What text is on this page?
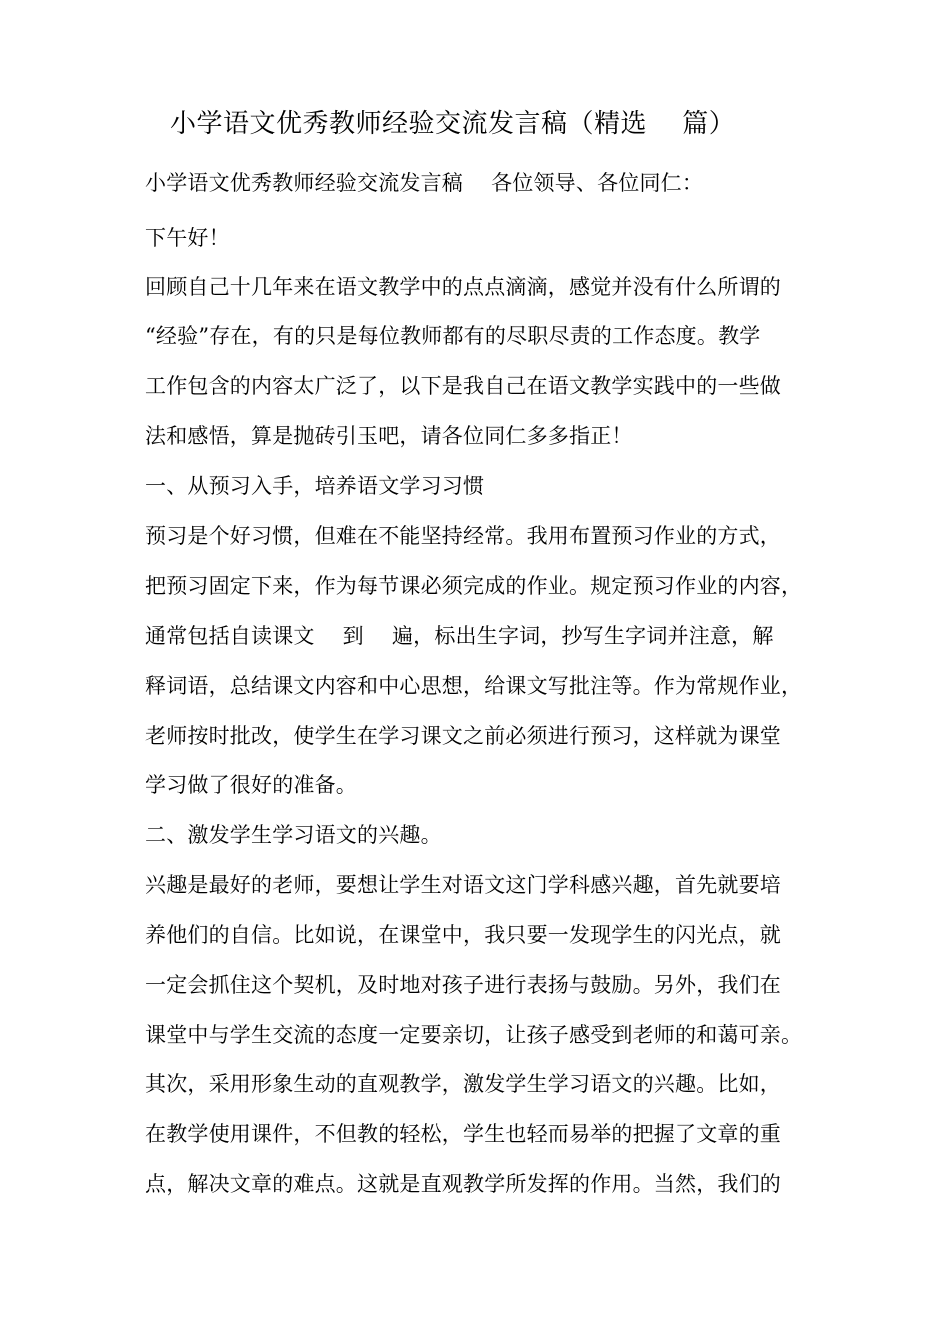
小学语文优秀教师经验交流发言稿（精选　 篇）
小学语文优秀教师经验交流发言稿　 各位领导、各位同仁：
下午好！
回顾自己十几年来在语文教学中的点点滴滴，感觉并没有什么所谓的
“经验”存在，有的只是每位教师都有的尽职尽责的工作态度。教学
工作包含的内容太广泛了，以下是我自己在语文教学实践中的一些做
法和感悟，算是抛砖引玉吧，请各位同仁多多指正！
一、从预习入手，培养语文学习习惯
预习是个好习惯，但难在不能坚持经常。我用布置预习作业的方式，
把预习固定下来，作为每节课必须完成的作业。规定预习作业的内容，
通常包括自读课文　 到　 遍，标出生字词，抄写生字词并注意，解
释词语，总结课文内容和中心思想，给课文写批注等。作为常规作业，
老师按时批改，使学生在学习课文之前必须进行预习，这样就为课堂
学习做了很好的准备。
二、激发学生学习语文的兴趣。
兴趣是最好的老师，要想让学生对语文这门学科感兴趣，首先就要培
养他们的自信。比如说，在课堂中，我只要一发现学生的闪光点，就
一定会抓住这个契机，及时地对孩子进行表扬与鼓励。另外，我们在
课堂中与学生交流的态度一定要亲切，让孩子感受到老师的和蔼可亲。
其次，采用形象生动的直观教学，激发学生学习语文的兴趣。比如，
在教学使用课件，不但教的轻松，学生也轻而易举的把握了文章的重
点，解决文章的难点。这就是直观教学所发挥的作用。当然，我们的
